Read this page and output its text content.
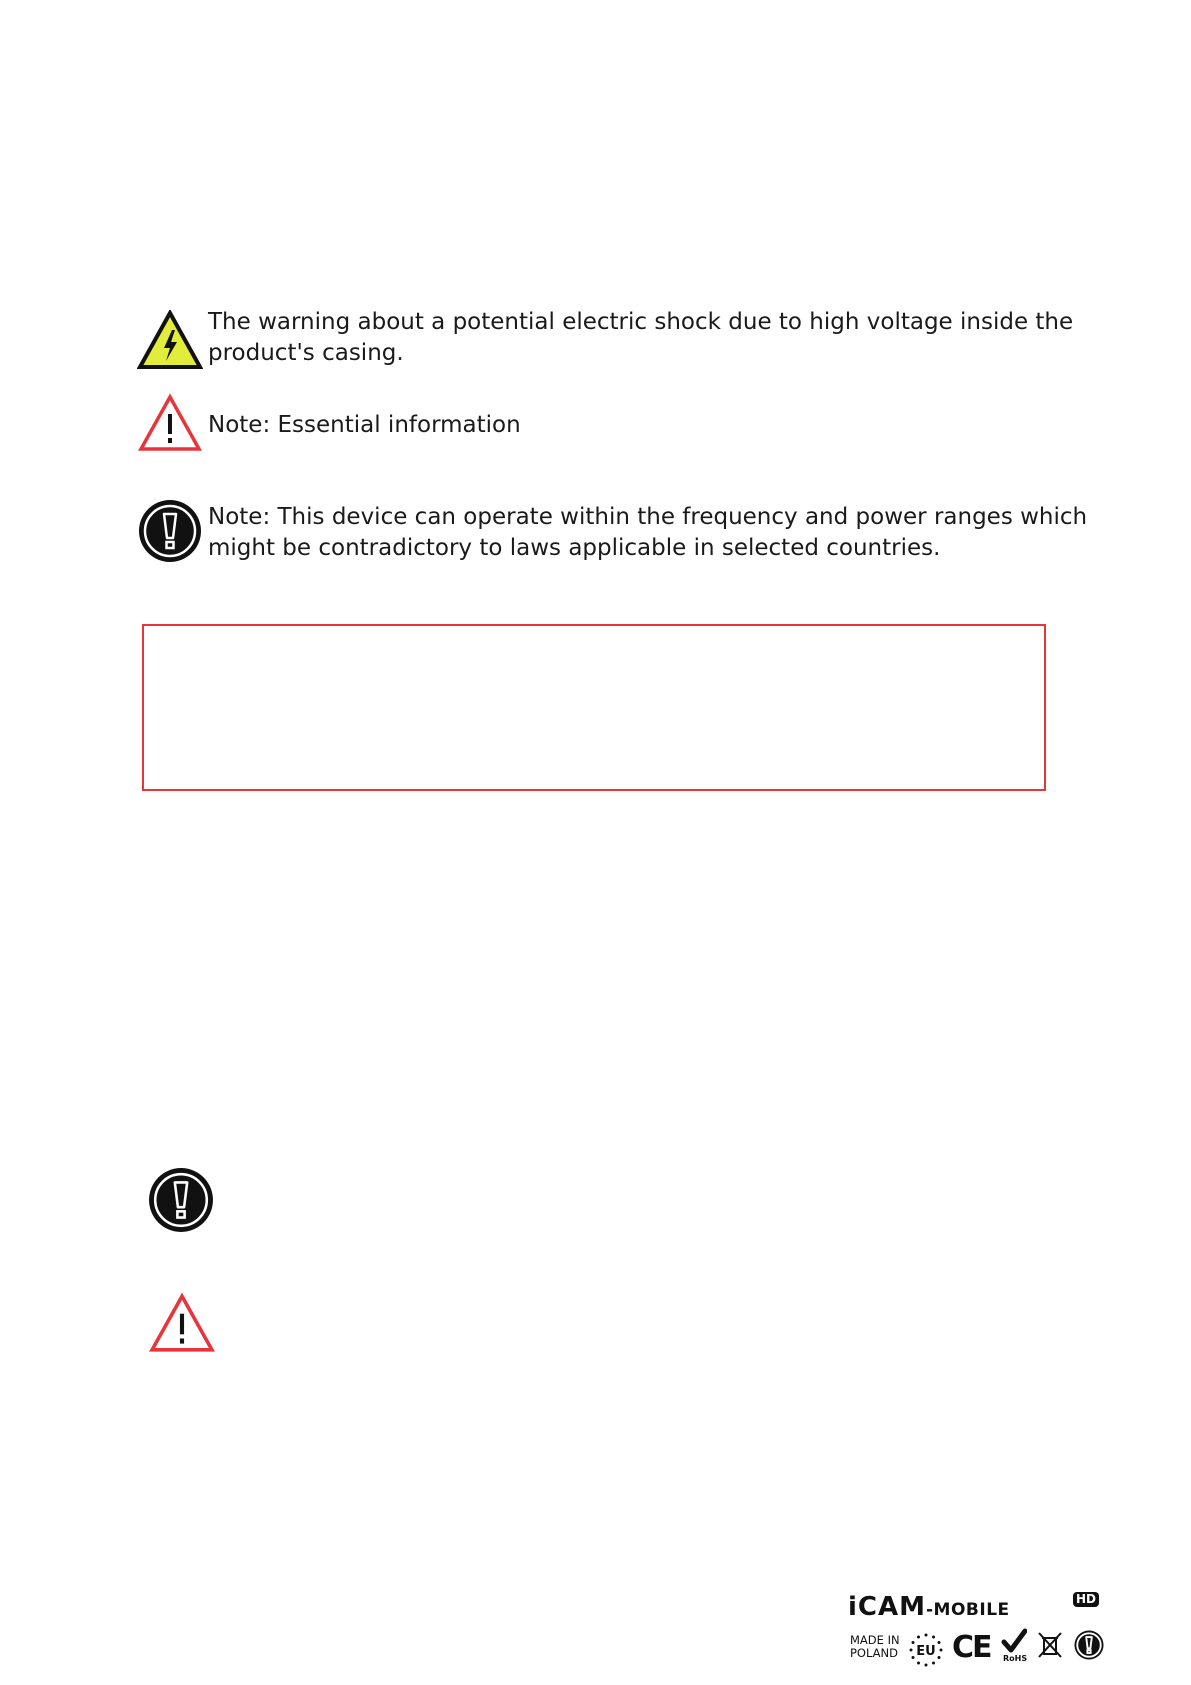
The warning about a potential electric shock due to high voltage inside the product's casing.

Note: Essential information

Note: This device can operate within the frequency and power ranges which might be contradictory to laws applicable in selected countries.

iCAM-MOBILE
HD
MADE IN
POLAND EU CE RoHS
